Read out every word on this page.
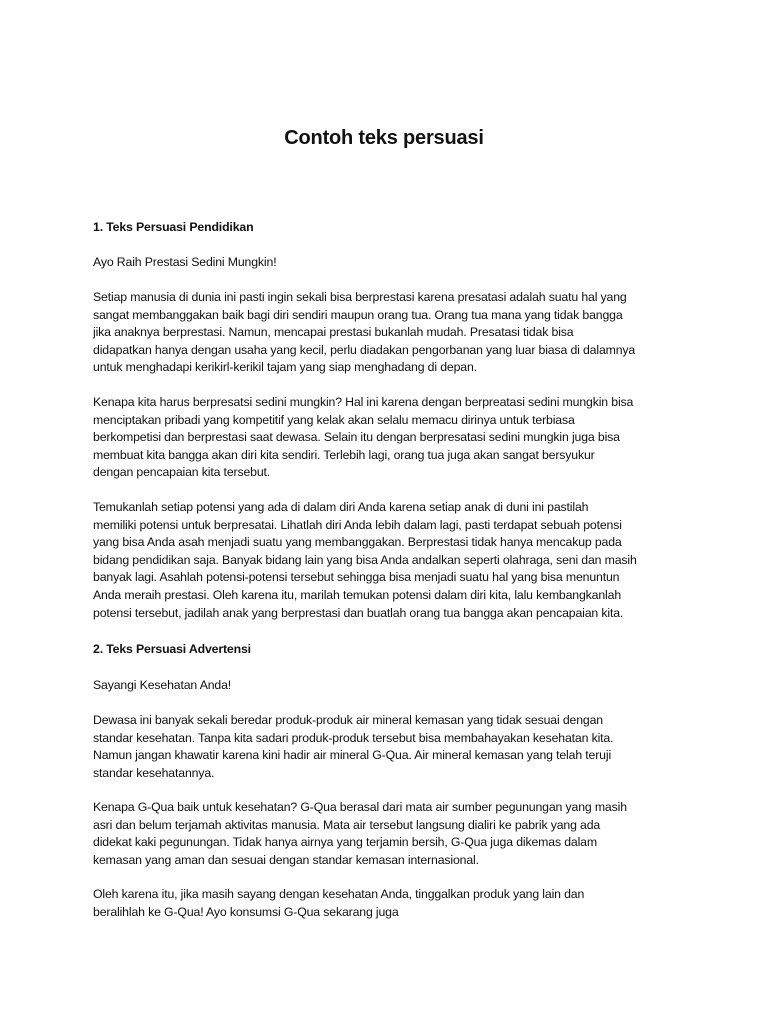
Contoh teks persuasi
1. Teks Persuasi Pendidikan
Ayo Raih Prestasi Sedini Mungkin!
Setiap manusia di dunia ini pasti ingin sekali bisa berprestasi karena presatasi adalah suatu hal yang
sangat membanggakan baik bagi diri sendiri maupun orang tua. Orang tua mana yang tidak bangga
jika anaknya berprestasi. Namun, mencapai prestasi bukanlah mudah. Presatasi tidak bisa
didapatkan hanya dengan usaha yang kecil, perlu diadakan pengorbanan yang luar biasa di dalamnya
untuk menghadapi kerikirl-kerikil tajam yang siap menghadang di depan.
Kenapa kita harus berpresatsi sedini mungkin? Hal ini karena dengan berpreatasi sedini mungkin bisa
menciptakan pribadi yang kompetitif yang kelak akan selalu memacu dirinya untuk terbiasa
berkompetisi dan berprestasi saat dewasa. Selain itu dengan berpresatasi sedini mungkin juga bisa
membuat kita bangga akan diri kita sendiri. Terlebih lagi, orang tua juga akan sangat bersyukur
dengan pencapaian kita tersebut.
Temukanlah setiap potensi yang ada di dalam diri Anda karena setiap anak di duni ini pastilah
memiliki potensi untuk berpresatai. Lihatlah diri Anda lebih dalam lagi, pasti terdapat sebuah potensi
yang bisa Anda asah menjadi suatu yang membanggakan. Berprestasi tidak hanya mencakup pada
bidang pendidikan saja. Banyak bidang lain yang bisa Anda andalkan seperti olahraga, seni dan masih
banyak lagi. Asahlah potensi-potensi tersebut sehingga bisa menjadi suatu hal yang bisa menuntun
Anda meraih prestasi. Oleh karena itu, marilah temukan potensi dalam diri kita, lalu kembangkanlah
potensi tersebut, jadilah anak yang berprestasi dan buatlah orang tua bangga akan pencapaian kita.
2. Teks Persuasi Advertensi
Sayangi Kesehatan Anda!
Dewasa ini banyak sekali beredar produk-produk air mineral kemasan yang tidak sesuai dengan
standar kesehatan. Tanpa kita sadari produk-produk tersebut bisa membahayakan kesehatan kita.
Namun jangan khawatir karena kini hadir air mineral G-Qua. Air mineral kemasan yang telah teruji
standar kesehatannya.
Kenapa G-Qua baik untuk kesehatan? G-Qua berasal dari mata air sumber pegunungan yang masih
asri dan belum terjamah aktivitas manusia. Mata air tersebut langsung dialiri ke pabrik yang ada
didekat kaki pegunungan. Tidak hanya airnya yang terjamin bersih, G-Qua juga dikemas dalam
kemasan yang aman dan sesuai dengan standar kemasan internasional.
Oleh karena itu, jika masih sayang dengan kesehatan Anda, tinggalkan produk yang lain dan
beralihlah ke G-Qua! Ayo konsumsi G-Qua sekarang juga
